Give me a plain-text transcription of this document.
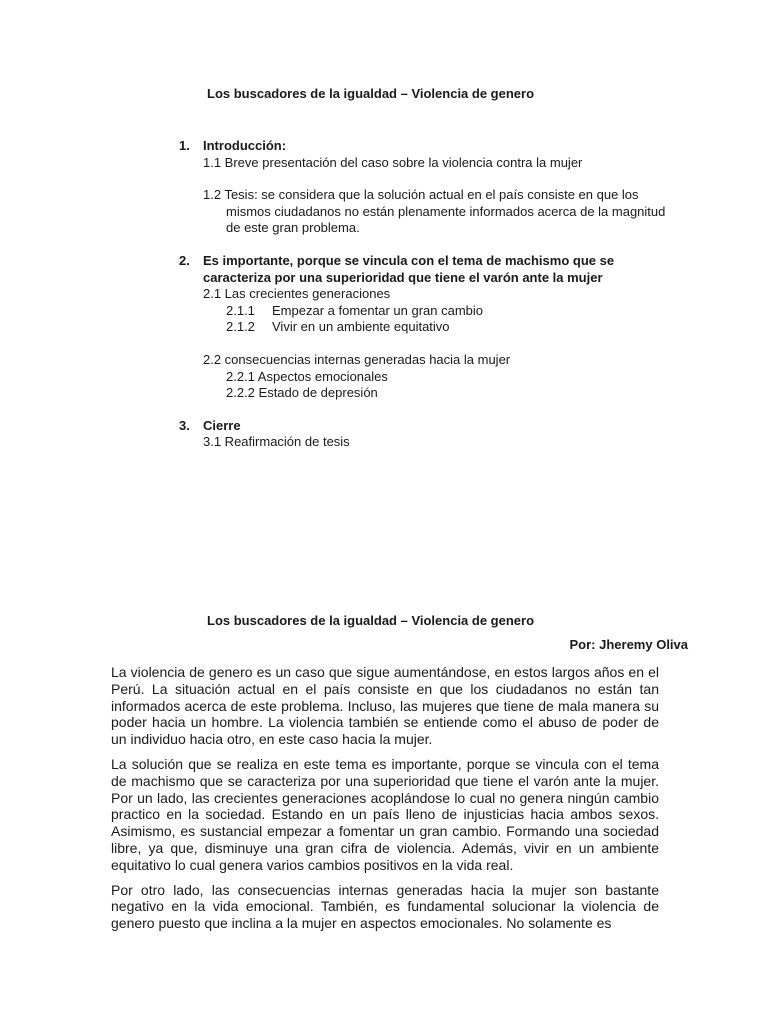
Los buscadores de la igualdad – Violencia de genero
1. Introducción:
1.1 Breve presentación del caso sobre la violencia contra la mujer
1.2 Tesis: se considera que la solución actual en el país consiste en que los mismos ciudadanos no están plenamente informados acerca de la magnitud de este gran problema.
2. Es importante, porque se vincula con el tema de machismo que se caracteriza por una superioridad que tiene el varón ante la mujer
2.1 Las crecientes generaciones
2.1.1	Empezar a fomentar un gran cambio
2.1.2	Vivir en un ambiente equitativo
2.2 consecuencias internas generadas hacia la mujer
2.2.1 Aspectos emocionales
2.2.2 Estado de depresión
3. Cierre
3.1 Reafirmación de tesis
Los buscadores de la igualdad – Violencia de genero
Por: Jheremy Oliva

La violencia de genero es un caso que sigue aumentándose, en estos largos años en el Perú. La situación actual en el país consiste en que los ciudadanos no están tan informados acerca de este problema. Incluso, las mujeres que tiene de mala manera su poder hacia un hombre. La violencia también se entiende como el abuso de poder de un individuo hacia otro, en este caso hacia la mujer.

La solución que se realiza en este tema es importante, porque se vincula con el tema de machismo que se caracteriza por una superioridad que tiene el varón ante la mujer. Por un lado, las crecientes generaciones acoplándose lo cual no genera ningún cambio practico en la sociedad. Estando en un país lleno de injusticias hacia ambos sexos. Asimismo, es sustancial empezar a fomentar un gran cambio. Formando una sociedad libre, ya que, disminuye una gran cifra de violencia. Además, vivir en un ambiente equitativo lo cual genera varios cambios positivos en la vida real.

Por otro lado, las consecuencias internas generadas hacia la mujer son bastante negativo en la vida emocional. También, es fundamental solucionar la violencia de genero puesto que inclina a la mujer en aspectos emocionales. No solamente es
